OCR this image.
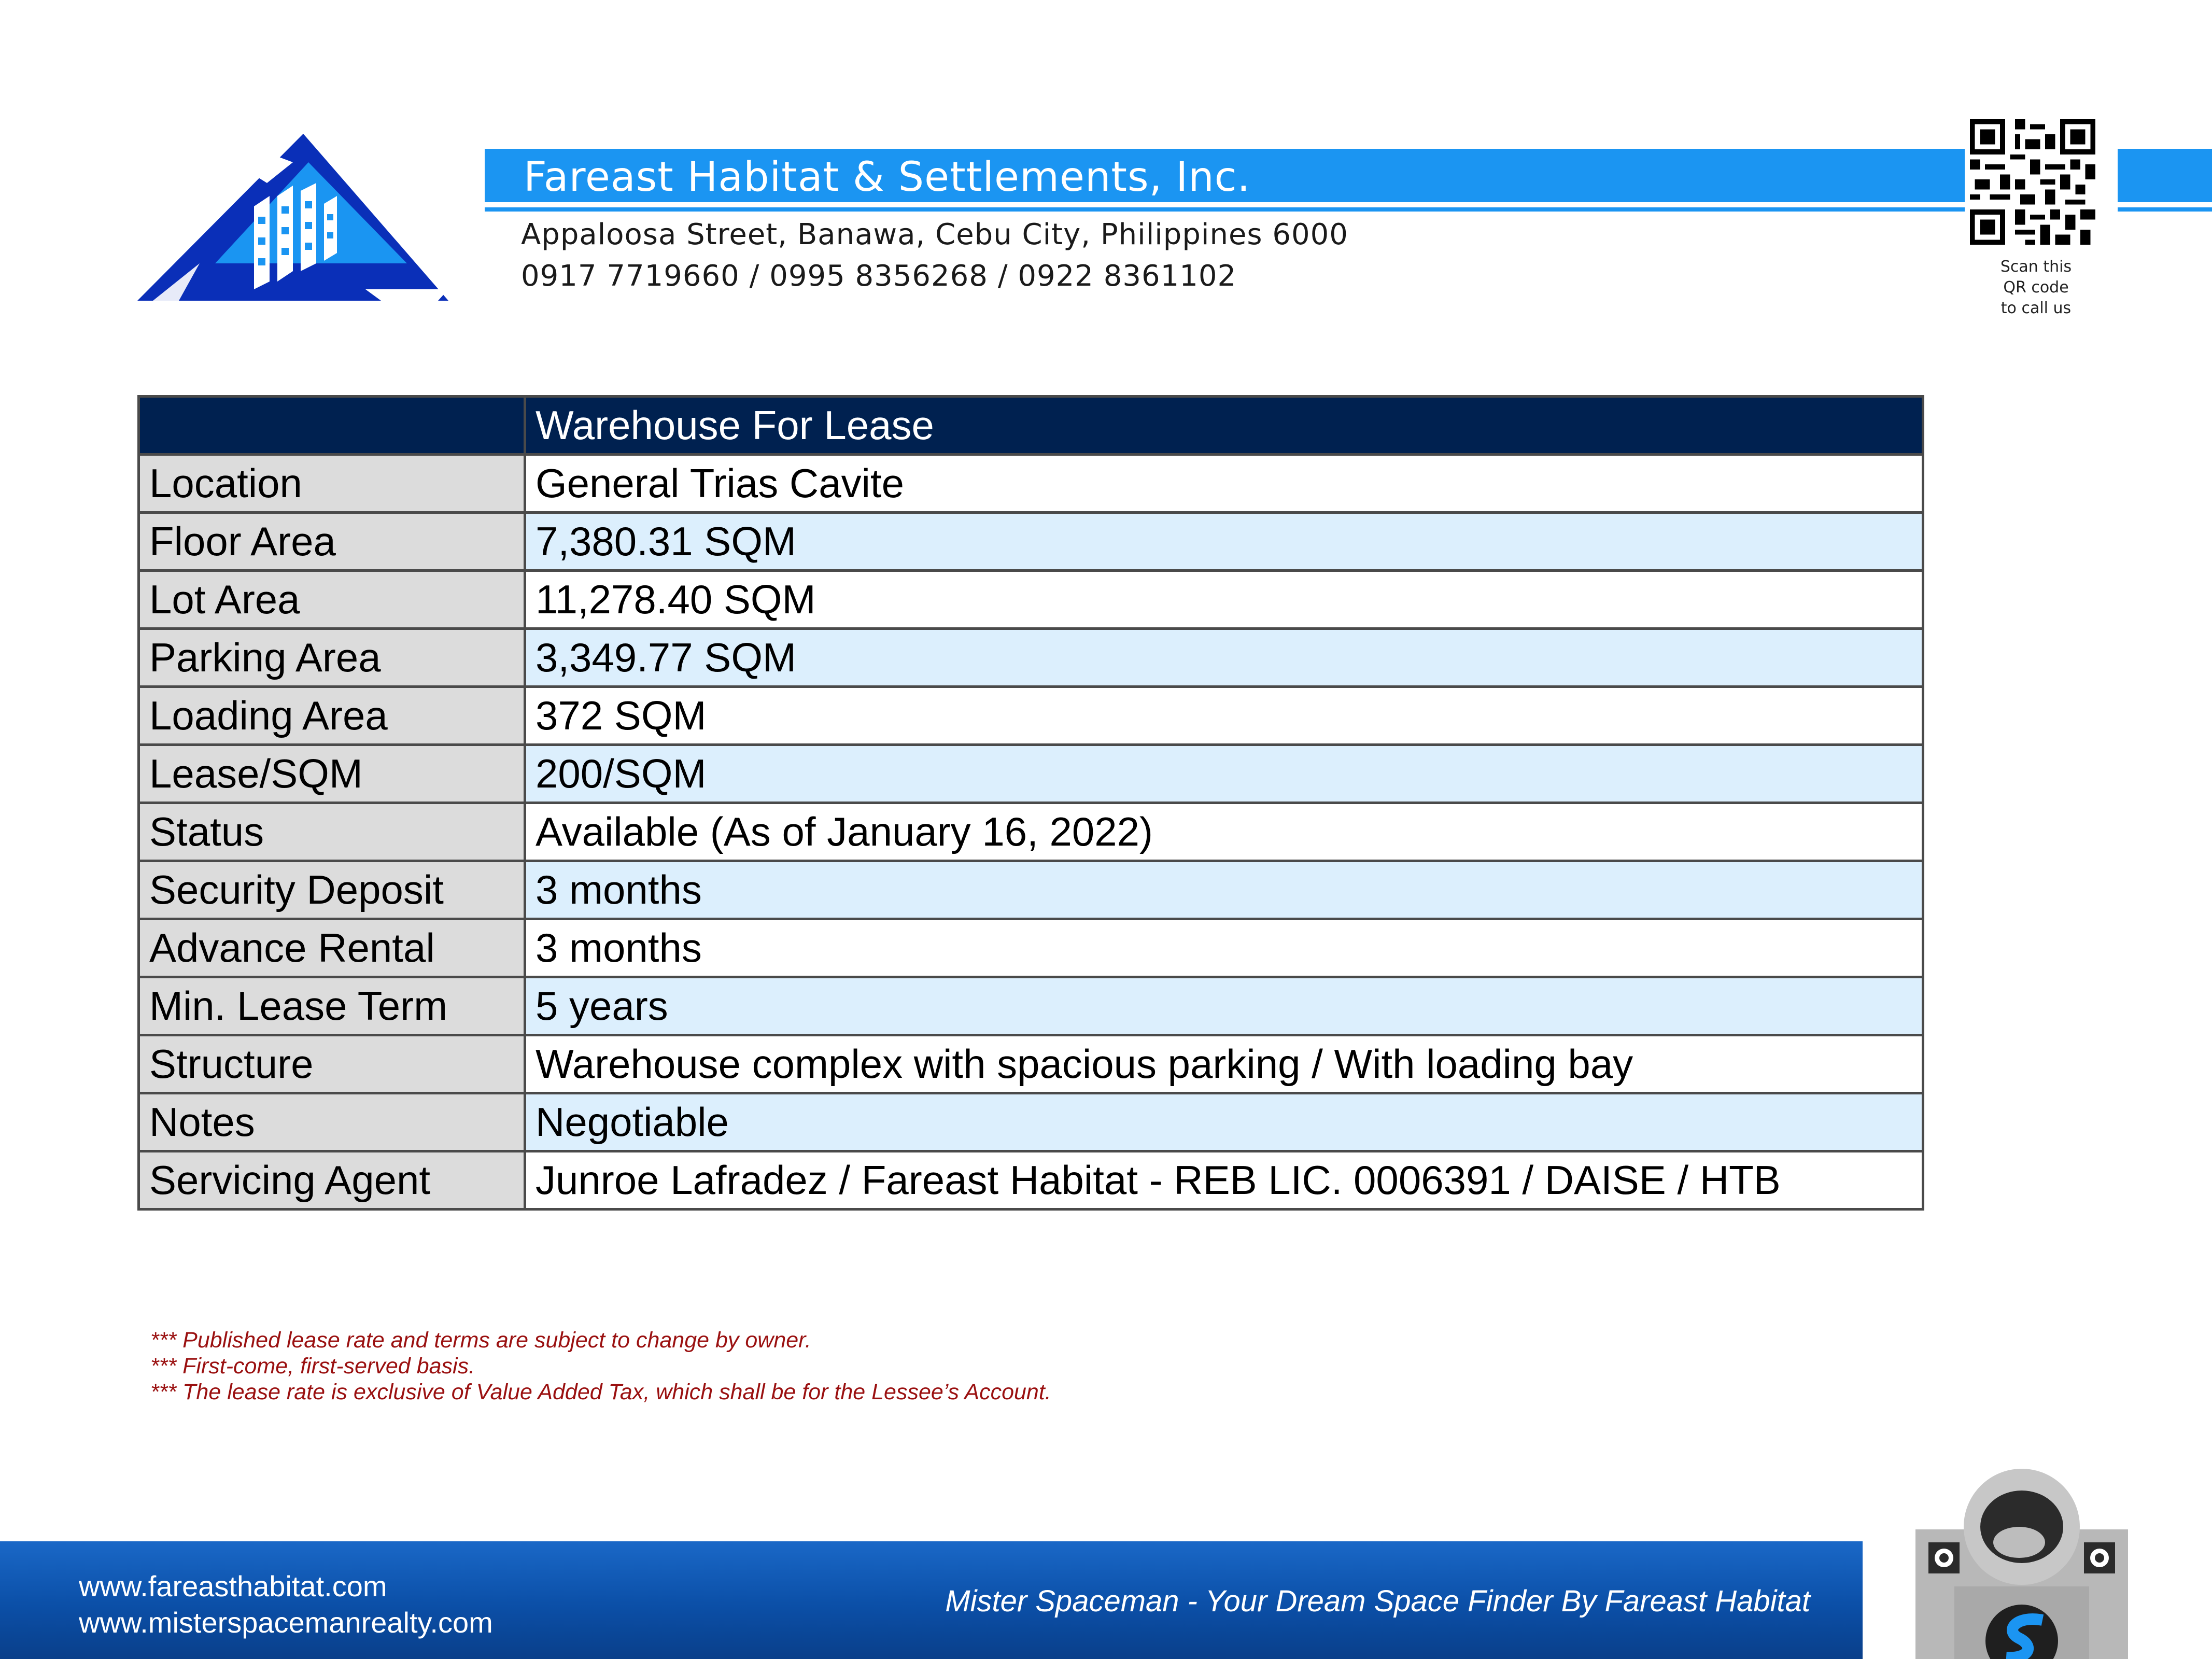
Fareast Habitat & Settlements, Inc.
Appaloosa Street, Banawa, Cebu City, Philippines 6000
0917 7719660 / 0995 8356268 / 0922 8361102	Scan this
QR code
to call us
	Warehouse For Lease
Location	General Trias Cavite
Floor Area	7,380.31 SQM
Lot Area	11,278.40 SQM
Parking Area	3,349.77 SQM
Loading Area	372 SQM
Lease/SQM	200/SQM
Status	Available (As of January 16, 2022)
Security Deposit	3 months
Advance Rental	3 months
Min. Lease Term	5 years
Structure	Warehouse complex with spacious parking / With loading bay
Notes	Negotiable
Servicing Agent	Junroe Lafradez / Fareast Habitat - REB LIC. 0006391 / DAISE / HTB
*** Published lease rate and terms are subject to change by owner.
*** First-come, first-served basis.
*** The lease rate is exclusive of Value Added Tax, which shall be for the Lessee’s Account.
www.fareasthabitat.com
www.misterspacemanrealty.com
Mister Spaceman - Your Dream Space Finder By Fareast Habitat
